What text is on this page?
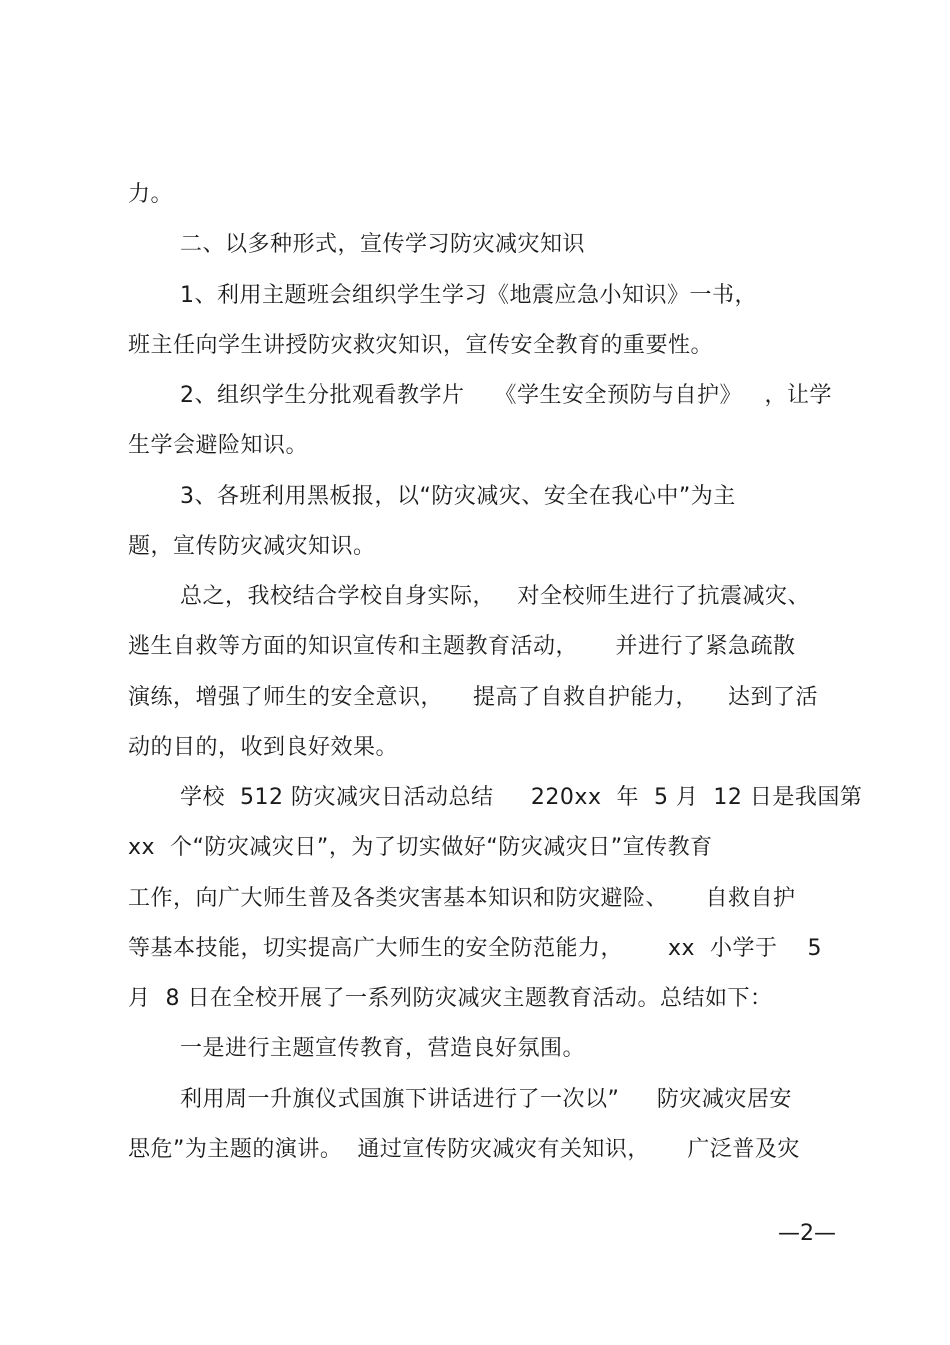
力。
二、以多种形式，宣传学习防灾减灾知识
1、利用主题班会组织学生学习《地震应急小知识》一书，
班主任向学生讲授防灾救灾知识，宣传安全教育的重要性。
2、组织学生分批观看教学片    《学生安全预防与自护》   ，让学
生学会避险知识。
3、各班利用黑板报，以“防灾减灾、安全在我心中”为主
题，宣传防灾减灾知识。
总之，我校结合学校自身实际，   对全校师生进行了抗震减灾、
逃生自救等方面的知识宣传和主题教育活动，     并进行了紧急疏散
演练，增强了师生的安全意识，    提高了自救自护能力，    达到了活
动的目的，收到良好效果。
学校  512 防灾减灾日活动总结     220xx  年  5 月  12 日是我国第
xx  个“防灾减灾日”，为了切实做好“防灾减灾日”宣传教育
工作，向广大师生普及各类灾害基本知识和防灾避险、     自救自护
等基本技能，切实提高广大师生的安全防范能力，      xx  小学于    5
月  8 日在全校开展了一系列防灾减灾主题教育活动。总结如下：
一是进行主题宣传教育，营造良好氛围。
利用周一升旗仪式国旗下讲话进行了一次以”     防灾减灾居安
思危”为主题的演讲。  通过宣传防灾减灾有关知识，     广泛普及灾
—2—
